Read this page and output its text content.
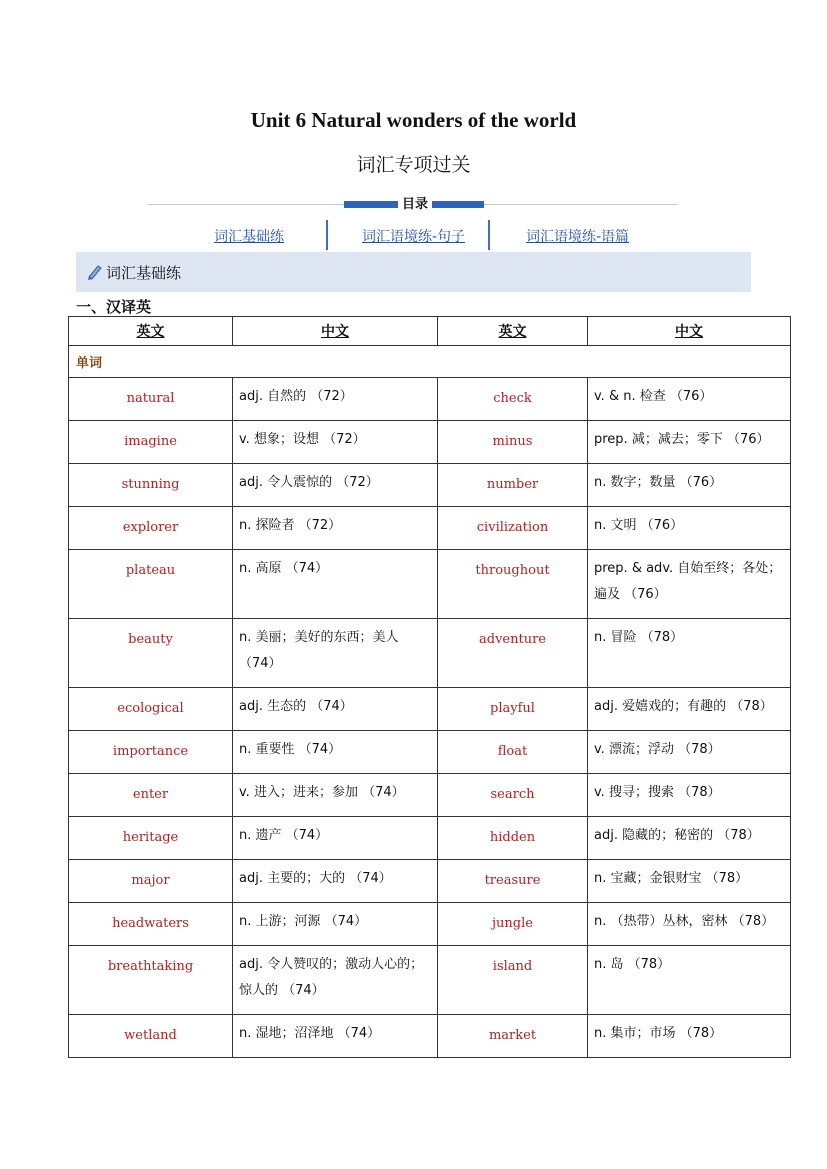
Unit 6 Natural wonders of the world
词汇专项过关
目录
词汇基础练	词汇语境练-句子	词汇语境练-语篇
词汇基础练
一、汉译英
英文	中文	英文	中文
单词			
natural	adj. 自然的 （72）	check	v. & n. 检查 （76）

imagine	v. 想象；设想 （72）	minus	prep. 减；减去；零下 （76）

stunning	adj. 令人震惊的 （72）	number	n. 数字；数量 （76）

explorer	n. 探险者 （72）	civilization	n. 文明 （76）

plateau	n. 高原 （74）	throughout	prep. & adv. 自始至终；各处；遍及 （76）

beauty	n. 美丽；美好的东西；美人 （74）	adventure	n. 冒险 （78）

ecological	adj. 生态的 （74）	playful	adj. 爱嬉戏的；有趣的 （78）

importance	n. 重要性 （74）	float	v. 漂流；浮动 （78）

enter	v. 进入；进来；参加 （74）	search	v. 搜寻；搜索 （78）

heritage	n. 遗产 （74）	hidden	adj. 隐藏的；秘密的 （78）

major	adj. 主要的；大的 （74）	treasure	n. 宝藏；金银财宝 （78）

headwaters	n. 上游；河源 （74）	jungle	n. （热带）丛林，密林 （78）

breathtaking	adj. 令人赞叹的；激动人心的；惊人的 （74）	island	n. 岛 （78）

wetland	n. 湿地；沼泽地 （74）	market	n. 集市；市场 （78）
